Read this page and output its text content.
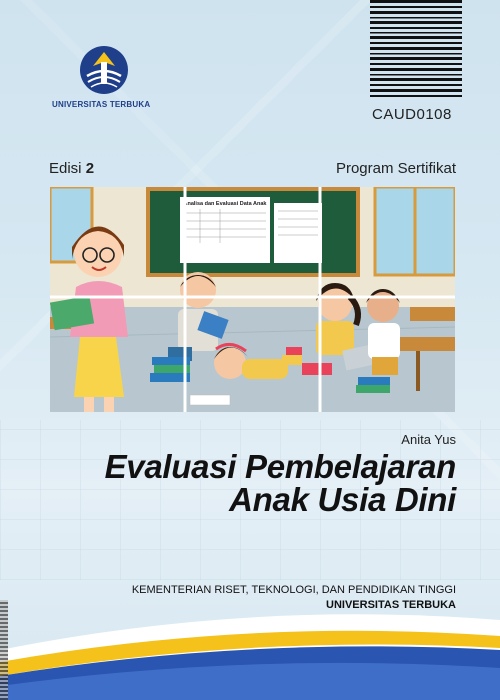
UNIVERSITAS TERBUKA
CAUD0108
Edisi 2	Program Sertifikat
Analisa dan Evaluasi Data Anak
Anita Yus
Evaluasi Pembelajaran
Anak Usia Dini
KEMENTERIAN RISET, TEKNOLOGI, DAN PENDIDIKAN TINGGI
UNIVERSITAS TERBUKA
